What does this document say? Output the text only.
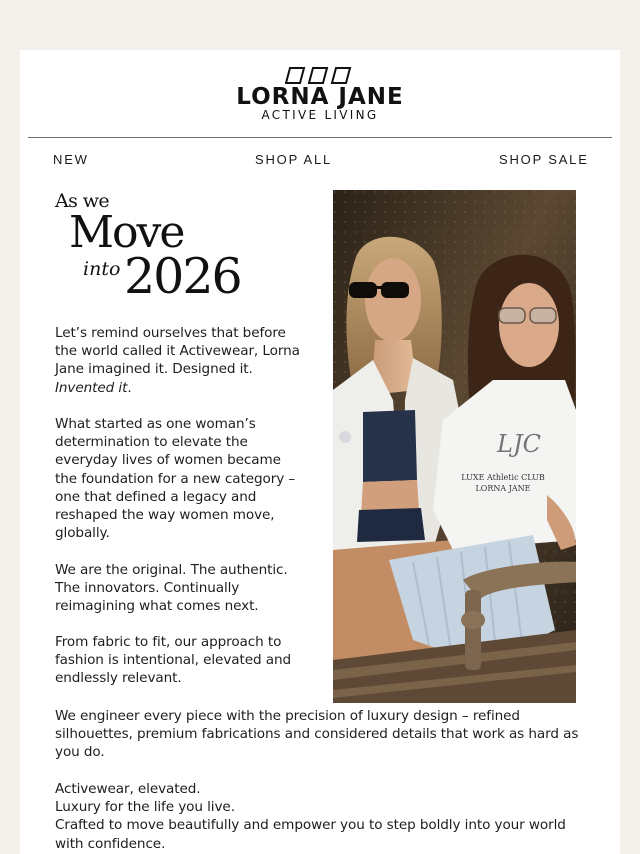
LORNA JANE
ACTIVE LIVING
NEW	SHOP ALL	SHOP SALE
As we
Move
into 2026

Let’s remind ourselves that before the world called it Activewear, Lorna Jane imagined it. Designed it. Invented it.

What started as one woman’s determination to elevate the everyday lives of women became the foundation for a new category – one that defined a legacy and reshaped the way women move, globally.

We are the original. The authentic. The innovators. Continually reimagining what comes next.

From fabric to fit, our approach to fashion is intentional, elevated and endlessly relevant.

We engineer every piece with the precision of luxury design – refined silhouettes, premium fabrications and considered details that work as hard as you do.

Activewear, elevated.
Luxury for the life you live.
Crafted to move beautifully and empower you to step boldly into your world with confidence.

LJC
LUXE Athletic CLUB
LORNA JANE
